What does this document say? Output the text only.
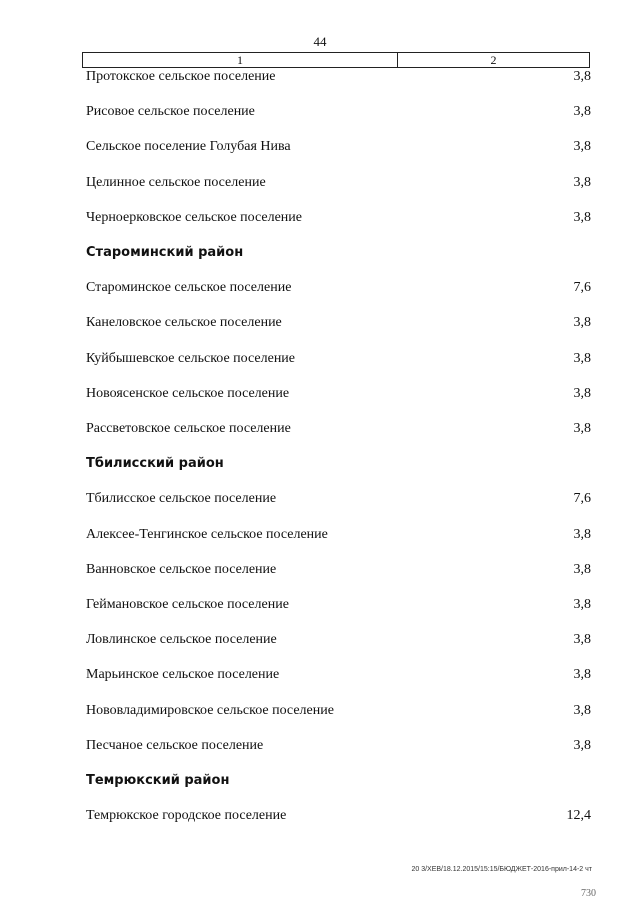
44
1	2
Протокское сельское поселение	3,8
Рисовое сельское поселение	3,8
Сельское поселение Голубая Нива	3,8
Целинное сельское поселение	3,8
Черноерковское сельское поселение	3,8
Староминский район
Староминское сельское поселение	7,6
Канеловское сельское поселение	3,8
Куйбышевское сельское поселение	3,8
Новоясенское сельское поселение	3,8
Рассветовское сельское поселение	3,8
Тбилисский район
Тбилисское сельское поселение	7,6
Алексее-Тенгинское сельское поселение	3,8
Ванновское сельское поселение	3,8
Геймановское сельское поселение	3,8
Ловлинское сельское поселение	3,8
Марьинское сельское поселение	3,8
Нововладимировское сельское поселение	3,8
Песчаное сельское поселение	3,8
Темрюкский район
Темрюкское городское поселение	12,4
20 3/ХЕВ/18.12.2015/15:15/БЮДЖЕТ-2016-прил-14-2 чт
730
